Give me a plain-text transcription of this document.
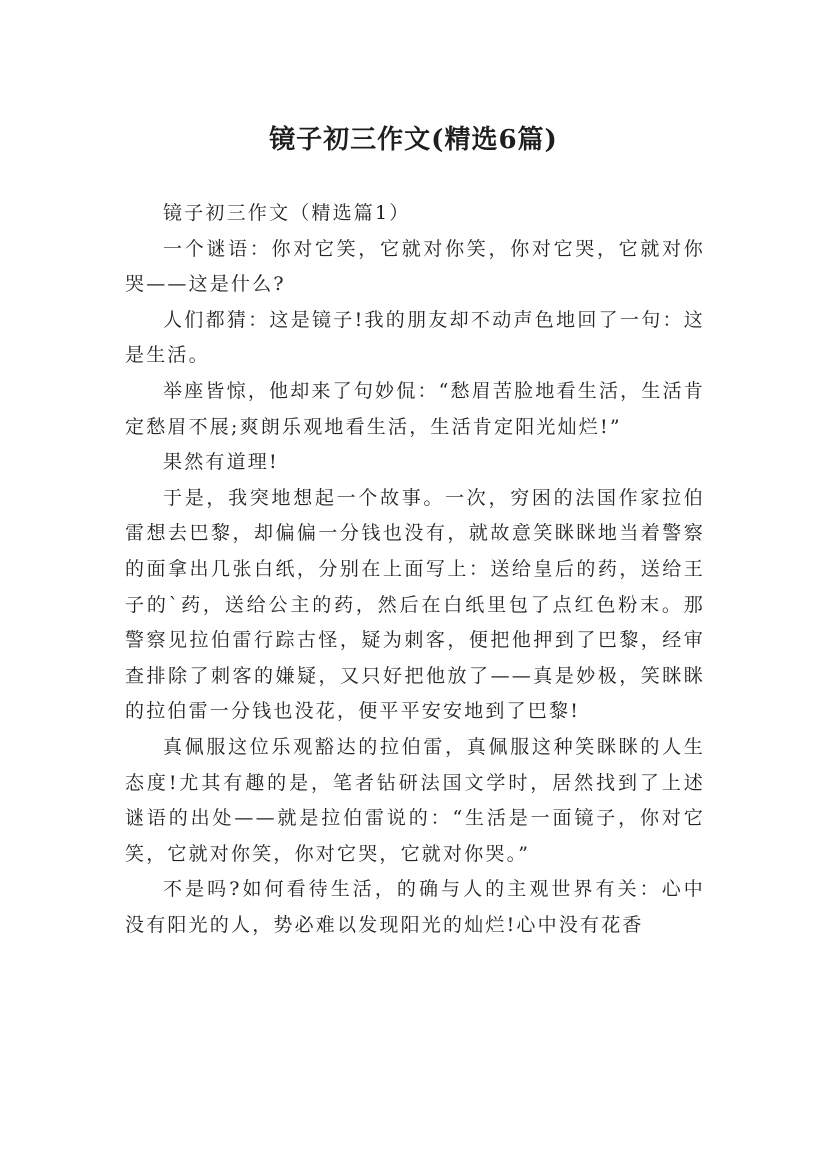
镜子初三作文(精选6篇)

镜子初三作文（精选篇1）

一个谜语：你对它笑，它就对你笑，你对它哭，它就对你哭——这是什么?

人们都猜：这是镜子!我的朋友却不动声色地回了一句：这是生活。

举座皆惊，他却来了句妙侃：“愁眉苦脸地看生活，生活肯定愁眉不展;爽朗乐观地看生活，生活肯定阳光灿烂!”

果然有道理!

于是，我突地想起一个故事。一次，穷困的法国作家拉伯雷想去巴黎，却偏偏一分钱也没有，就故意笑眯眯地当着警察的面拿出几张白纸，分别在上面写上：送给皇后的药，送给王子的`药，送给公主的药，然后在白纸里包了点红色粉末。那警察见拉伯雷行踪古怪，疑为刺客，便把他押到了巴黎，经审查排除了刺客的嫌疑，又只好把他放了——真是妙极，笑眯眯的拉伯雷一分钱也没花，便平平安安地到了巴黎!

真佩服这位乐观豁达的拉伯雷，真佩服这种笑眯眯的人生态度!尤其有趣的是，笔者钻研法国文学时，居然找到了上述谜语的出处——就是拉伯雷说的：“生活是一面镜子，你对它笑，它就对你笑，你对它哭，它就对你哭。”

不是吗?如何看待生活，的确与人的主观世界有关：心中没有阳光的人，势必难以发现阳光的灿烂!心中没有花香
